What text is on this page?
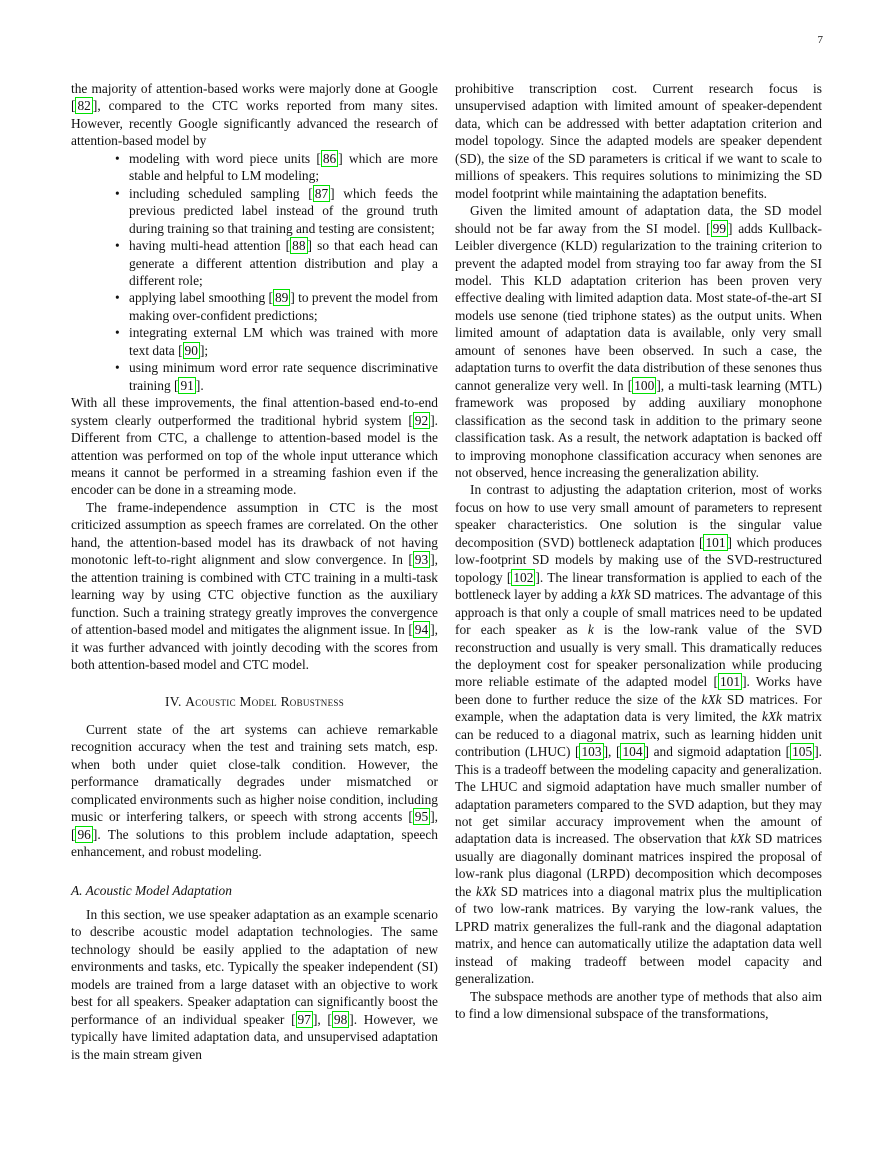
7

the majority of attention-based works were majorly done at Google [ 82 ], compared to the CTC works reported from many sites. However, recently Google significantly advanced the research of attention-based model by

• modeling with word piece units [ 86 ] which are more stable and helpful to LM modeling;
• including scheduled sampling [ 87 ] which feeds the previous predicted label instead of the ground truth during training so that training and testing are consistent;
• having multi-head attention [ 88 ] so that each head can generate a different attention distribution and play a different role;
• applying label smoothing [ 89 ] to prevent the model from making over-confident predictions;
• integrating external LM which was trained with more text data [ 90 ];
• using minimum word error rate sequence discriminative training [ 91 ].

With all these improvements, the final attention-based end-to-end system clearly outperformed the traditional hybrid system [ 92 ]. Different from CTC, a challenge to attention-based model is the attention was performed on top of the whole input utterance which means it cannot be performed in a streaming fashion even if the encoder can be done in a streaming mode.

The frame-independence assumption in CTC is the most criticized assumption as speech frames are correlated. On the other hand, the attention-based model has its drawback of not having monotonic left-to-right alignment and slow convergence. In [ 93 ], the attention training is combined with CTC training in a multi-task learning way by using CTC objective function as the auxiliary function. Such a training strategy greatly improves the convergence of attention-based model and mitigates the alignment issue. In [ 94 ], it was further advanced with jointly decoding with the scores from both attention-based model and CTC model.

IV. Acoustic Model Robustness

Current state of the art systems can achieve remarkable recognition accuracy when the test and training sets match, esp. when both under quiet close-talk condition. However, the performance dramatically degrades under mismatched or complicated environments such as higher noise condition, including music or interfering talkers, or speech with strong accents [ 95 ], [ 96 ]. The solutions to this problem include adaptation, speech enhancement, and robust modeling.

A. Acoustic Model Adaptation

In this section, we use speaker adaptation as an example scenario to describe acoustic model adaptation technologies. The same technology should be easily applied to the adaptation of new environments and tasks, etc. Typically the speaker independent (SI) models are trained from a large dataset with an objective to work best for all speakers. Speaker adaptation can significantly boost the performance of an individual speaker [ 97 ], [ 98 ]. However, we typically have limited adaptation data, and unsupervised adaptation is the main stream given

prohibitive transcription cost. Current research focus is unsupervised adaption with limited amount of speaker-dependent data, which can be addressed with better adaptation criterion and model topology. Since the adapted models are speaker dependent (SD), the size of the SD parameters is critical if we want to scale to millions of speakers. This requires solutions to minimizing the SD model footprint while maintaining the adaptation benefits.

Given the limited amount of adaptation data, the SD model should not be far away from the SI model. [ 99 ] adds Kullback-Leibler divergence (KLD) regularization to the training criterion to prevent the adapted model from straying too far away from the SI model. This KLD adaptation criterion has been proven very effective dealing with limited adaption data. Most state-of-the-art SI models use senone (tied triphone states) as the output units. When limited amount of adaptation data is available, only very small amount of senones have been observed. In such a case, the adaptation turns to overfit the data distribution of these senones thus cannot generalize very well. In [ 100 ], a multi-task learning (MTL) framework was proposed by adding auxiliary monophone classification as the second task in addition to the primary seone classification task. As a result, the network adaptation is backed off to improving monophone classification accuracy when senones are not observed, hence increasing the generalization ability.

In contrast to adjusting the adaptation criterion, most of works focus on how to use very small amount of parameters to represent speaker characteristics. One solution is the singular value decomposition (SVD) bottleneck adaptation [ 101 ] which produces low-footprint SD models by making use of the SVD-restructured topology [ 102 ]. The linear transformation is applied to each of the bottleneck layer by adding a kXk SD matrices. The advantage of this approach is that only a couple of small matrices need to be updated for each speaker as k is the low-rank value of the SVD reconstruction and usually is very small. This dramatically reduces the deployment cost for speaker personalization while producing more reliable estimate of the adapted model [ 101 ]. Works have been done to further reduce the size of the kXk SD matrices. For example, when the adaptation data is very limited, the kXk matrix can be reduced to a diagonal matrix, such as learning hidden unit contribution (LHUC) [ 103 ], [ 104 ] and sigmoid adaptation [ 105 ]. This is a tradeoff between the modeling capacity and generalization. The LHUC and sigmoid adaptation have much smaller number of adaptation parameters compared to the SVD adaption, but they may not get similar accuracy improvement when the amount of adaptation data is increased. The observation that kXk SD matrices usually are diagonally dominant matrices inspired the proposal of low-rank plus diagonal (LRPD) decomposition which decomposes the kXk SD matrices into a diagonal matrix plus the multiplication of two low-rank matrices. By varying the low-rank values, the LPRD matrix generalizes the full-rank and the diagonal adaptation matrix, and hence can automatically utilize the adaptation data well instead of making tradeoff between model capacity and generalization.

The subspace methods are another type of methods that also aim to find a low dimensional subspace of the transformations,
